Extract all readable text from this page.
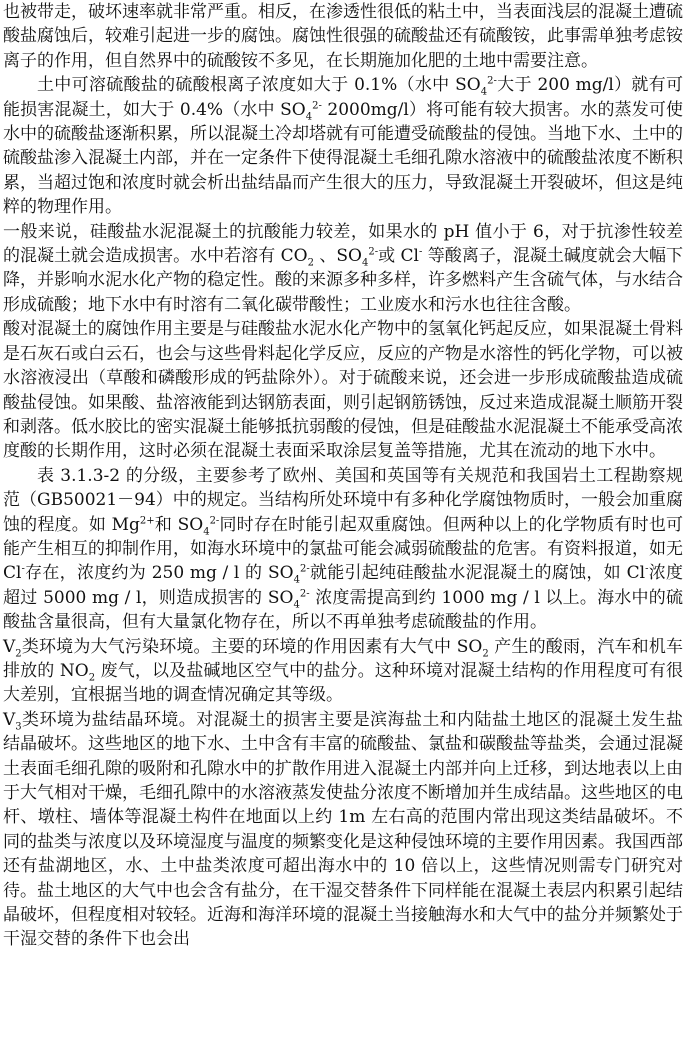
也被带走，破坏速率就非常严重。相反，在渗透性很低的粘土中，当表面浅层的混凝土遭硫酸盐腐蚀后，较难引起进一步的腐蚀。腐蚀性很强的硫酸盐还有硫酸铵，此事需单独考虑铵离子的作用，但自然界中的硫酸铵不多见，在长期施加化肥的土地中需要注意。

土中可溶硫酸盐的硫酸根离子浓度如大于 0.1%（水中 $SO_4^{2-}$大于 200 mg/l）就有可能损害混凝土，如大于 0.4%（水中 $SO_4^{2-}$ 2000mg/l）将可能有较大损害。水的蒸发可使水中的硫酸盐逐渐积累，所以混凝土冷却塔就有可能遭受硫酸盐的侵蚀。当地下水、土中的硫酸盐渗入混凝土内部，并在一定条件下使得混凝土毛细孔隙水溶液中的硫酸盐浓度不断积累，当超过饱和浓度时就会析出盐结晶而产生很大的压力，导致混凝土开裂破坏，但这是纯粹的物理作用。

一般来说，硅酸盐水泥混凝土的抗酸能力较差，如果水的 pH 值小于 6，对于抗渗性较差的混凝土就会造成损害。水中若溶有 $CO_2$ 、$SO_4^{2-}$或 Cl- 等酸离子，混凝土碱度就会大幅下降，并影响水泥水化产物的稳定性。酸的来源多种多样，许多燃料产生含硫气体，与水结合形成硫酸；地下水中有时溶有二氧化碳带酸性；工业废水和污水也往往含酸。

酸对混凝土的腐蚀作用主要是与硅酸盐水泥水化产物中的氢氧化钙起反应，如果混凝土骨料是石灰石或白云石，也会与这些骨料起化学反应，反应的产物是水溶性的钙化学物，可以被水溶液浸出（草酸和磷酸形成的钙盐除外）。对于硫酸来说，还会进一步形成硫酸盐造成硫酸盐侵蚀。如果酸、盐溶液能到达钢筋表面，则引起钢筋锈蚀，反过来造成混凝土顺筋开裂和剥落。低水胶比的密实混凝土能够抵抗弱酸的侵蚀，但是硅酸盐水泥混凝土不能承受高浓度酸的长期作用，这时必须在混凝土表面采取涂层复盖等措施，尤其在流动的地下水中。

表 3.1.3-2 的分级，主要参考了欧州、美国和英国等有关规范和我国岩土工程勘察规范（GB50021－94）中的规定。当结构所处环境中有多种化学腐蚀物质时，一般会加重腐蚀的程度。如 $Mg^{2+}$和 $SO_4^{2-}$同时存在时能引起双重腐蚀。但两种以上的化学物质有时也可能产生相互的抑制作用，如海水环境中的氯盐可能会减弱硫酸盐的危害。有资料报道，如无 Cl-存在，浓度约为 250 mg / l 的 $SO_4^{2-}$就能引起纯硅酸盐水泥混凝土的腐蚀，如 Cl-浓度超过 5000 mg / l，则造成损害的 $SO_4^{2-}$ 浓度需提高到约 1000 mg / l 以上。海水中的硫酸盐含量很高，但有大量氯化物存在，所以不再单独考虑硫酸盐的作用。

$V_2$类环境为大气污染环境。主要的环境的作用因素有大气中 $SO_2$ 产生的酸雨，汽车和机车排放的 $NO_2$ 废气，以及盐碱地区空气中的盐分。这种环境对混凝土结构的作用程度可有很大差别，宜根据当地的调查情况确定其等级。

$V_3$类环境为盐结晶环境。对混凝土的损害主要是滨海盐土和内陆盐土地区的混凝土发生盐结晶破坏。这些地区的地下水、土中含有丰富的硫酸盐、氯盐和碳酸盐等盐类，会通过混凝土表面毛细孔隙的吸附和孔隙水中的扩散作用进入混凝土内部并向上迁移，到达地表以上由于大气相对干燥，毛细孔隙中的水溶液蒸发使盐分浓度不断增加并生成结晶。这些地区的电杆、墩柱、墙体等混凝土构件在地面以上约 1m 左右高的范围内常出现这类结晶破坏。不同的盐类与浓度以及环境湿度与温度的频繁变化是这种侵蚀环境的主要作用因素。我国西部还有盐湖地区，水、土中盐类浓度可超出海水中的 10 倍以上，这些情况则需专门研究对待。盐土地区的大气中也会含有盐分，在干湿交替条件下同样能在混凝土表层内积累引起结晶破坏，但程度相对较轻。近海和海洋环境的混凝土当接触海水和大气中的盐分并频繁处于干湿交替的条件下也会出
